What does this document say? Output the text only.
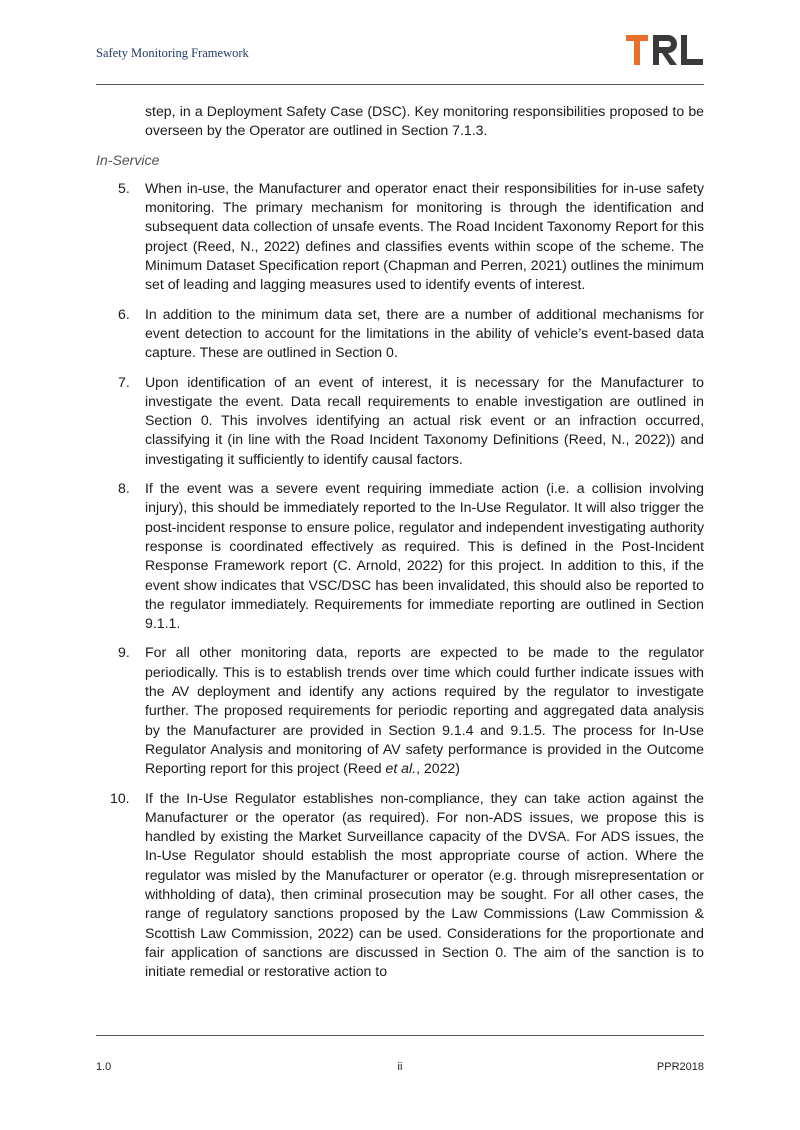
Safety Monitoring Framework

step, in a Deployment Safety Case (DSC). Key monitoring responsibilities proposed to be overseen by the Operator are outlined in Section 7.1.3.

In-Service
5. When in-use, the Manufacturer and operator enact their responsibilities for in-use safety monitoring. The primary mechanism for monitoring is through the identification and subsequent data collection of unsafe events. The Road Incident Taxonomy Report for this project (Reed, N., 2022) defines and classifies events within scope of the scheme. The Minimum Dataset Specification report (Chapman and Perren, 2021) outlines the minimum set of leading and lagging measures used to identify events of interest.
6. In addition to the minimum data set, there are a number of additional mechanisms for event detection to account for the limitations in the ability of vehicle’s event-based data capture. These are outlined in Section 0.
7. Upon identification of an event of interest, it is necessary for the Manufacturer to investigate the event. Data recall requirements to enable investigation are outlined in Section 0. This involves identifying an actual risk event or an infraction occurred, classifying it (in line with the Road Incident Taxonomy Definitions (Reed, N., 2022)) and investigating it sufficiently to identify causal factors.
8. If the event was a severe event requiring immediate action (i.e. a collision involving injury), this should be immediately reported to the In-Use Regulator. It will also trigger the post-incident response to ensure police, regulator and independent investigating authority response is coordinated effectively as required. This is defined in the Post-Incident Response Framework report (C. Arnold, 2022) for this project. In addition to this, if the event show indicates that VSC/DSC has been invalidated, this should also be reported to the regulator immediately. Requirements for immediate reporting are outlined in Section 9.1.1.
9. For all other monitoring data, reports are expected to be made to the regulator periodically. This is to establish trends over time which could further indicate issues with the AV deployment and identify any actions required by the regulator to investigate further. The proposed requirements for periodic reporting and aggregated data analysis by the Manufacturer are provided in Section 9.1.4 and 9.1.5. The process for In-Use Regulator Analysis and monitoring of AV safety performance is provided in the Outcome Reporting report for this project (Reed et al., 2022)
10. If the In-Use Regulator establishes non-compliance, they can take action against the Manufacturer or the operator (as required). For non-ADS issues, we propose this is handled by existing the Market Surveillance capacity of the DVSA. For ADS issues, the In-Use Regulator should establish the most appropriate course of action. Where the regulator was misled by the Manufacturer or operator (e.g. through misrepresentation or withholding of data), then criminal prosecution may be sought. For all other cases, the range of regulatory sanctions proposed by the Law Commissions (Law Commission & Scottish Law Commission, 2022) can be used. Considerations for the proportionate and fair application of sanctions are discussed in Section 0. The aim of the sanction is to initiate remedial or restorative action to
1.0	ii	PPR2018
